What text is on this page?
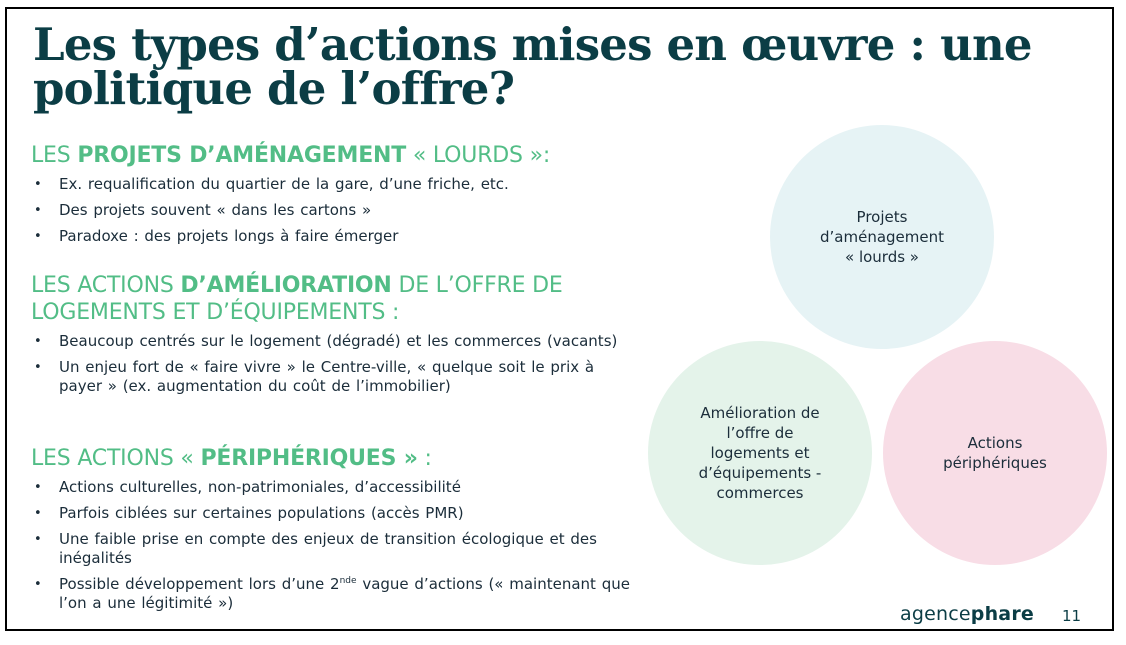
Les types d’actions mises en œuvre : une
politique de l’offre?
LES PROJETS D’AMÉNAGEMENT « LOURDS »:
• Ex. requalification du quartier de la gare, d’une friche, etc.
• Des projets souvent « dans les cartons »
• Paradoxe : des projets longs à faire émerger
LES ACTIONS D’AMÉLIORATION DE L’OFFRE DE LOGEMENTS ET D’ÉQUIPEMENTS :
• Beaucoup centrés sur le logement (dégradé) et les commerces (vacants)
• Un enjeu fort de « faire vivre » le Centre-ville, « quelque soit le prix à payer » (ex. augmentation du coût de l’immobilier)
LES ACTIONS « PÉRIPHÉRIQUES » :
• Actions culturelles, non-patrimoniales, d’accessibilité
• Parfois ciblées sur certaines populations (accès PMR)
• Une faible prise en compte des enjeux de transition écologique et des inégalités
• Possible développement lors d’une 2nde vague d’actions (« maintenant que l’on a une légitimité »)
Projets d’aménagement « lourds »
Amélioration de l’offre de logements et d’équipements - commerces
Actions périphériques
agencephare 11
